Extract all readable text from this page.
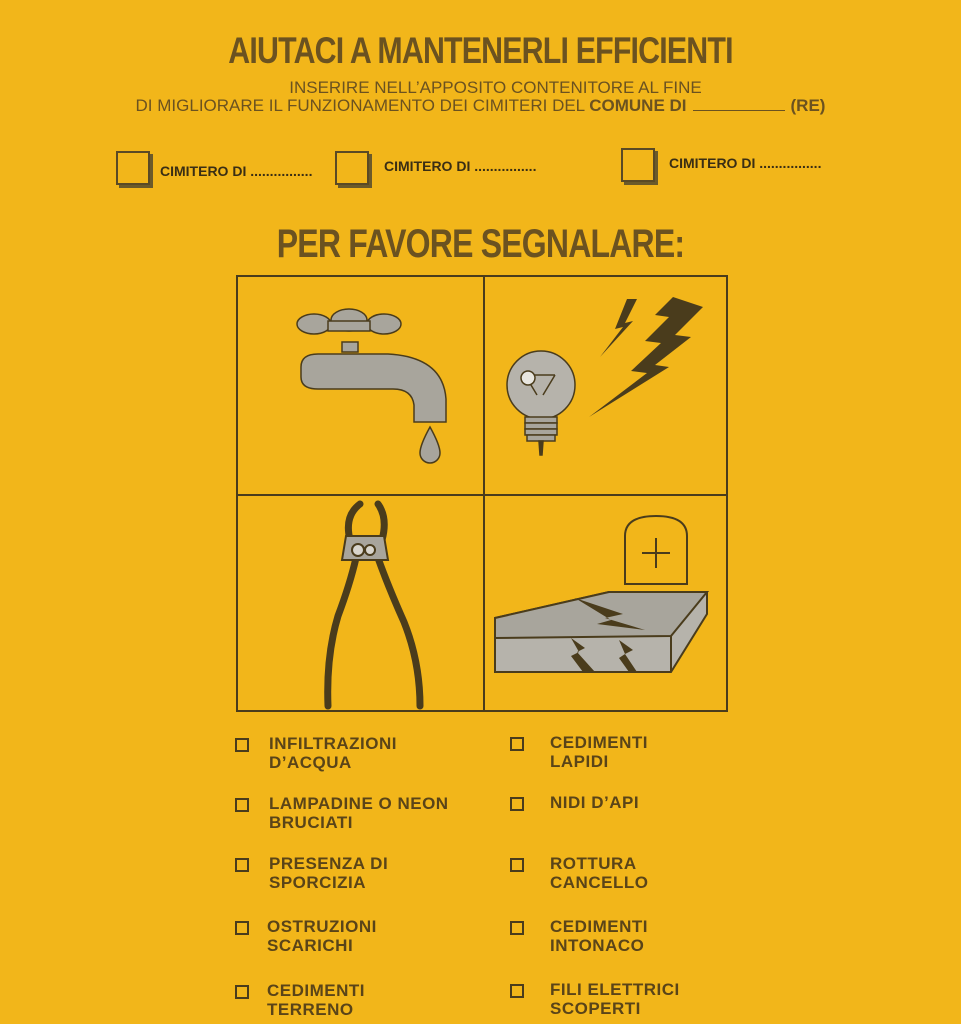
AIUTACI A MANTENERLI EFFICIENTI
INSERIRE NELL’APPOSITO CONTENITORE AL FINE
DI MIGLIORARE IL FUNZIONAMENTO DEI CIMITERI DEL COMUNE DI	(RE)
CIMITERO DI ................	CIMITERO DI ................	CIMITERO DI ................
PER FAVORE SEGNALARE:
INFILTRAZIONI
D’ACQUA
LAMPADINE O NEON
BRUCIATI
PRESENZA DI
SPORCIZIA
OSTRUZIONI
SCARICHI
CEDIMENTI
TERRENO
CEDIMENTI
LAPIDI
NIDI D’API
ROTTURA
CANCELLO
CEDIMENTI
INTONACO
FILI ELETTRICI
SCOPERTI
